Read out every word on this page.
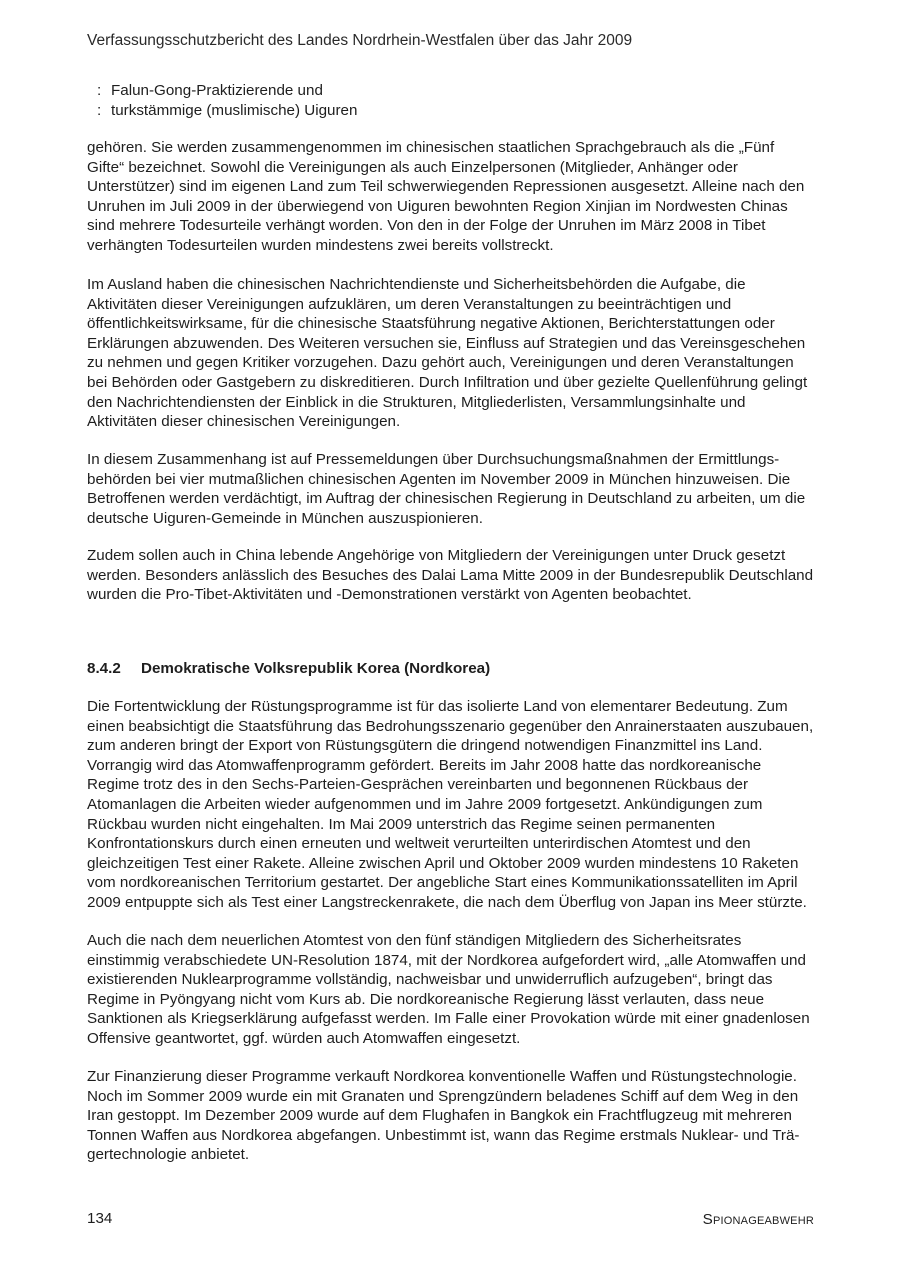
Verfassungsschutzbericht des Landes Nordrhein-Westfalen über das Jahr 2009
: Falun-Gong-Praktizierende und
: turkstämmige (muslimische) Uiguren

gehören. Sie werden zusammengenommen im chinesischen staatlichen Sprachgebrauch als die „Fünf Gifte“ bezeichnet. Sowohl die Vereinigungen als auch Einzelpersonen (Mitglieder, Anhänger oder Unterstützer) sind im eigenen Land zum Teil schwerwiegenden Repressionen ausgesetzt. Alleine nach den Unruhen im Juli 2009 in der überwiegend von Uiguren bewohnten Region Xinjian im Nordwesten Chinas sind mehrere Todesurteile verhängt worden. Von den in der Folge der Unruhen im März 2008 in Tibet verhängten Todesurteilen wurden mindestens zwei bereits vollstreckt.

Im Ausland haben die chinesischen Nachrichtendienste und Sicherheitsbehörden die Aufgabe, die Aktivitäten dieser Vereinigungen aufzuklären, um deren Veranstaltungen zu beeinträchtigen und öffentlichkeitswirksame, für die chinesische Staatsführung negative Aktionen, Berichterstattungen oder Erklärungen abzuwenden. Des Weiteren versuchen sie, Einfluss auf Strategien und das Vereinsgeschehen zu nehmen und gegen Kritiker vorzugehen. Dazu gehört auch, Vereinigungen und deren Veranstaltungen bei Behörden oder Gastgebern zu diskreditieren. Durch Infiltration und über gezielte Quellenführung gelingt den Nachrichtendiensten der Einblick in die Strukturen, Mitgliederlisten, Versammlungsinhalte und Aktivitäten dieser chinesischen Vereinigungen.

In diesem Zusammenhang ist auf Pressemeldungen über Durchsuchungsmaßnahmen der Ermittlungsbehörden bei vier mutmaßlichen chinesischen Agenten im November 2009 in München hinzuweisen. Die Betroffenen werden verdächtigt, im Auftrag der chinesischen Regierung in Deutschland zu arbeiten, um die deutsche Uiguren-Gemeinde in München auszuspionieren.

Zudem sollen auch in China lebende Angehörige von Mitgliedern der Vereinigungen unter Druck gesetzt werden. Besonders anlässlich des Besuches des Dalai Lama Mitte 2009 in der Bundesrepublik Deutschland wurden die Pro-Tibet-Aktivitäten und -Demonstrationen verstärkt von Agenten beobachtet.

8.4.2 Demokratische Volksrepublik Korea (Nordkorea)

Die Fortentwicklung der Rüstungsprogramme ist für das isolierte Land von elementarer Bedeutung. Zum einen beabsichtigt die Staatsführung das Bedrohungsszenario gegenüber den Anrainerstaaten auszubauen, zum anderen bringt der Export von Rüstungsgütern die dringend notwendigen Finanzmittel ins Land. Vorrangig wird das Atomwaffenprogramm gefördert. Bereits im Jahr 2008 hatte das nordkoreanische Regime trotz des in den Sechs-Parteien-Gesprächen vereinbarten und begonnenen Rückbaus der Atomanlagen die Arbeiten wieder aufgenommen und im Jahre 2009 fortgesetzt. Ankündigungen zum Rückbau wurden nicht eingehalten. Im Mai 2009 unterstrich das Regime seinen permanenten Konfrontationskurs durch einen erneuten und weltweit verurteilten unterirdischen Atomtest und den gleichzeitigen Test einer Rakete. Alleine zwischen April und Oktober 2009 wurden mindestens 10 Raketen vom nordkoreanischen Territorium gestartet. Der angebliche Start eines Kommunikationssatelliten im April 2009 entpuppte sich als Test einer Langstreckenrakete, die nach dem Überflug von Japan ins Meer stürzte.

Auch die nach dem neuerlichen Atomtest von den fünf ständigen Mitgliedern des Sicherheitsrates einstimmig verabschiedete UN-Resolution 1874, mit der Nordkorea aufgefordert wird, „alle Atomwaffen und existierenden Nuklearprogramme vollständig, nachweisbar und unwiderruflich aufzugeben“, bringt das Regime in Pyöngyang nicht vom Kurs ab. Die nordkoreanische Regierung lässt verlauten, dass neue Sanktionen als Kriegserklärung aufgefasst werden. Im Falle einer Provokation würde mit einer gnadenlosen Offensive geantwortet, ggf. würden auch Atomwaffen eingesetzt.

Zur Finanzierung dieser Programme verkauft Nordkorea konventionelle Waffen und Rüstungstechnologie. Noch im Sommer 2009 wurde ein mit Granaten und Sprengzündern beladenes Schiff auf dem Weg in den Iran gestoppt. Im Dezember 2009 wurde auf dem Flughafen in Bangkok ein Frachtflugzeug mit mehreren Tonnen Waffen aus Nordkorea abgefangen. Unbestimmt ist, wann das Regime erstmals Nuklear- und Trägertechnologie anbietet.

134	Spionageabwehr
